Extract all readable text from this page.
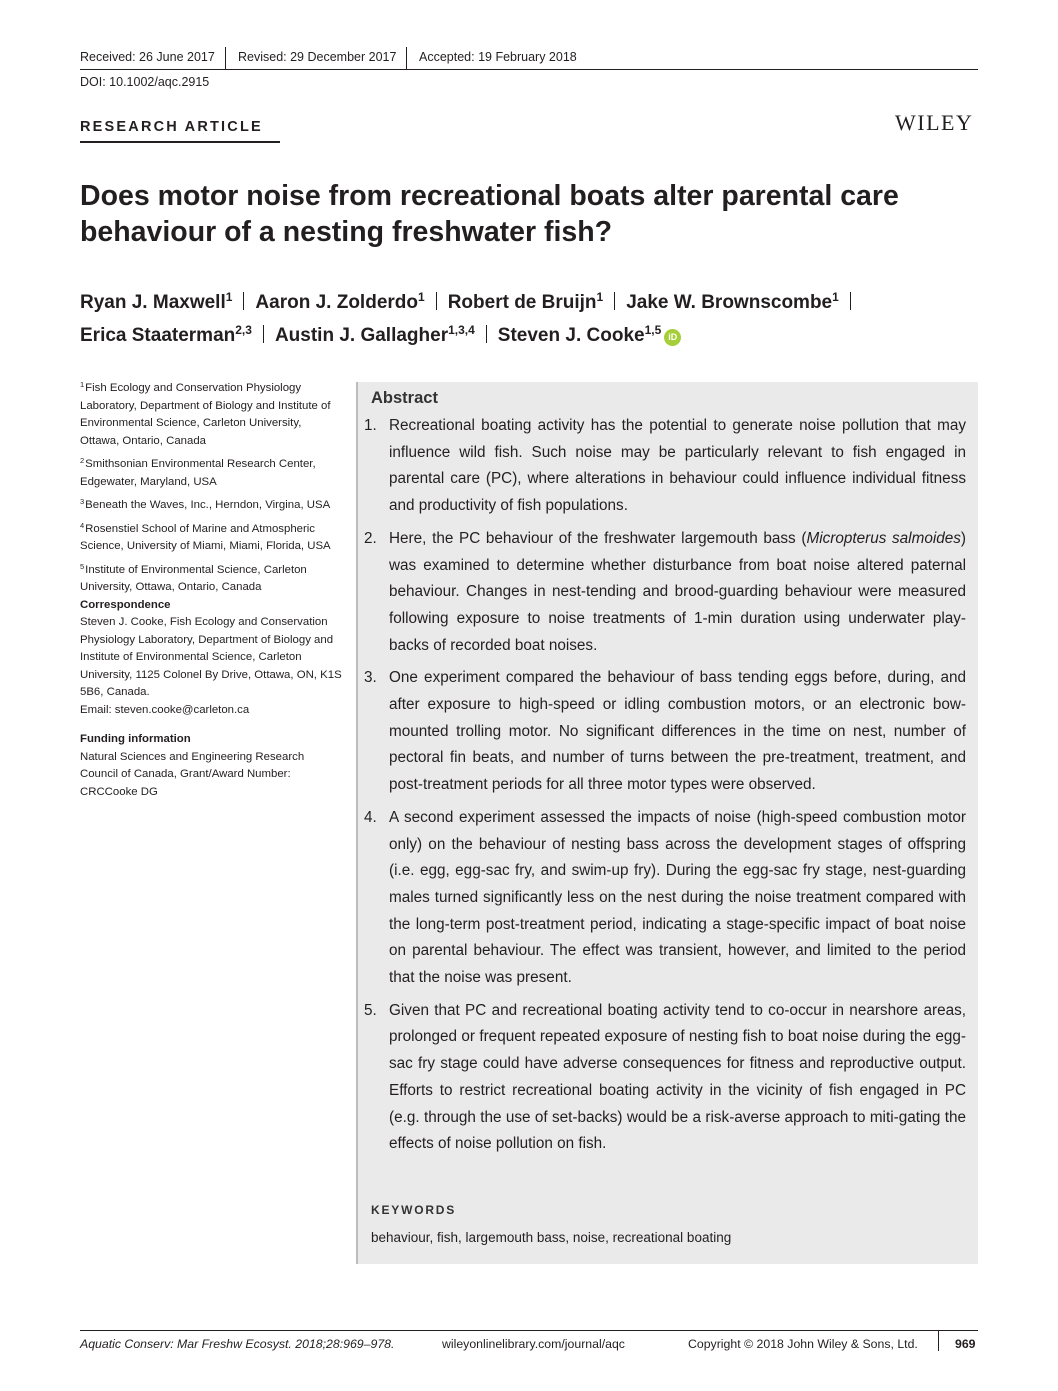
Received: 26 June 2017 Revised: 29 December 2017 Accepted: 19 February 2018
DOI: 10.1002/aqc.2915
RESEARCH ARTICLE	WILEY
Does motor noise from recreational boats alter parental care
behaviour of a nesting freshwater fish?
Ryan J. Maxwell$^1$ Aaron J. Zolderdo$^1$ Robert de Bruijn$^1$ Jake W. Brownscombe$^1$
Erica Staaterman$^{2,3}$ Austin J. Gallagher$^{1,3,4}$ Steven J. Cooke$^{1,5}$ iD
$^1$Fish Ecology and Conservation Physiology Laboratory, Department of Biology and Institute of Environmental Science, Carleton University, Ottawa, Ontario, Canada
$^2$Smithsonian Environmental Research Center, Edgewater, Maryland, USA
$^3$Beneath the Waves, Inc., Herndon, Virgina, USA
$^4$Rosenstiel School of Marine and Atmospheric Science, University of Miami, Miami, Florida, USA
$^5$Institute of Environmental Science, Carleton University, Ottawa, Ontario, Canada
Correspondence
Steven J. Cooke, Fish Ecology and Conservation Physiology Laboratory, Department of Biology and Institute of Environmental Science, Carleton University, 1125 Colonel By Drive, Ottawa, ON, K1S 5B6, Canada.
Email: steven.cooke@carleton.ca
Funding information
Natural Sciences and Engineering Research Council of Canada, Grant/Award Number: CRCCooke DG
Abstract
1. Recreational boating activity has the potential to generate noise pollution that may influence wild fish. Such noise may be particularly relevant to fish engaged in parental care (PC), where alterations in behaviour could influence individual fitness and productivity of fish populations.
2. Here, the PC behaviour of the freshwater largemouth bass (Micropterus salmoides) was examined to determine whether disturbance from boat noise altered paternal behaviour. Changes in nest-tending and brood-guarding behaviour were measured following exposure to noise treatments of 1-min duration using underwater play-backs of recorded boat noises.
3. One experiment compared the behaviour of bass tending eggs before, during, and after exposure to high-speed or idling combustion motors, or an electronic bow-mounted trolling motor. No significant differences in the time on nest, number of pectoral fin beats, and number of turns between the pre-treatment, treatment, and post-treatment periods for all three motor types were observed.
4. A second experiment assessed the impacts of noise (high-speed combustion motor only) on the behaviour of nesting bass across the development stages of offspring (i.e. egg, egg-sac fry, and swim-up fry). During the egg-sac fry stage, nest-guarding males turned significantly less on the nest during the noise treatment compared with the long-term post-treatment period, indicating a stage-specific impact of boat noise on parental behaviour. The effect was transient, however, and limited to the period that the noise was present.
5. Given that PC and recreational boating activity tend to co-occur in nearshore areas, prolonged or frequent repeated exposure of nesting fish to boat noise during the egg-sac fry stage could have adverse consequences for fitness and reproductive output. Efforts to restrict recreational boating activity in the vicinity of fish engaged in PC (e.g. through the use of set-backs) would be a risk-averse approach to miti-gating the effects of noise pollution on fish.
KEYWORDS
behaviour, fish, largemouth bass, noise, recreational boating
Aquatic Conserv: Mar Freshw Ecosyst. 2018;28:969–978.	wileyonlinelibrary.com/journal/aqc	Copyright © 2018 John Wiley & Sons, Ltd.	969
